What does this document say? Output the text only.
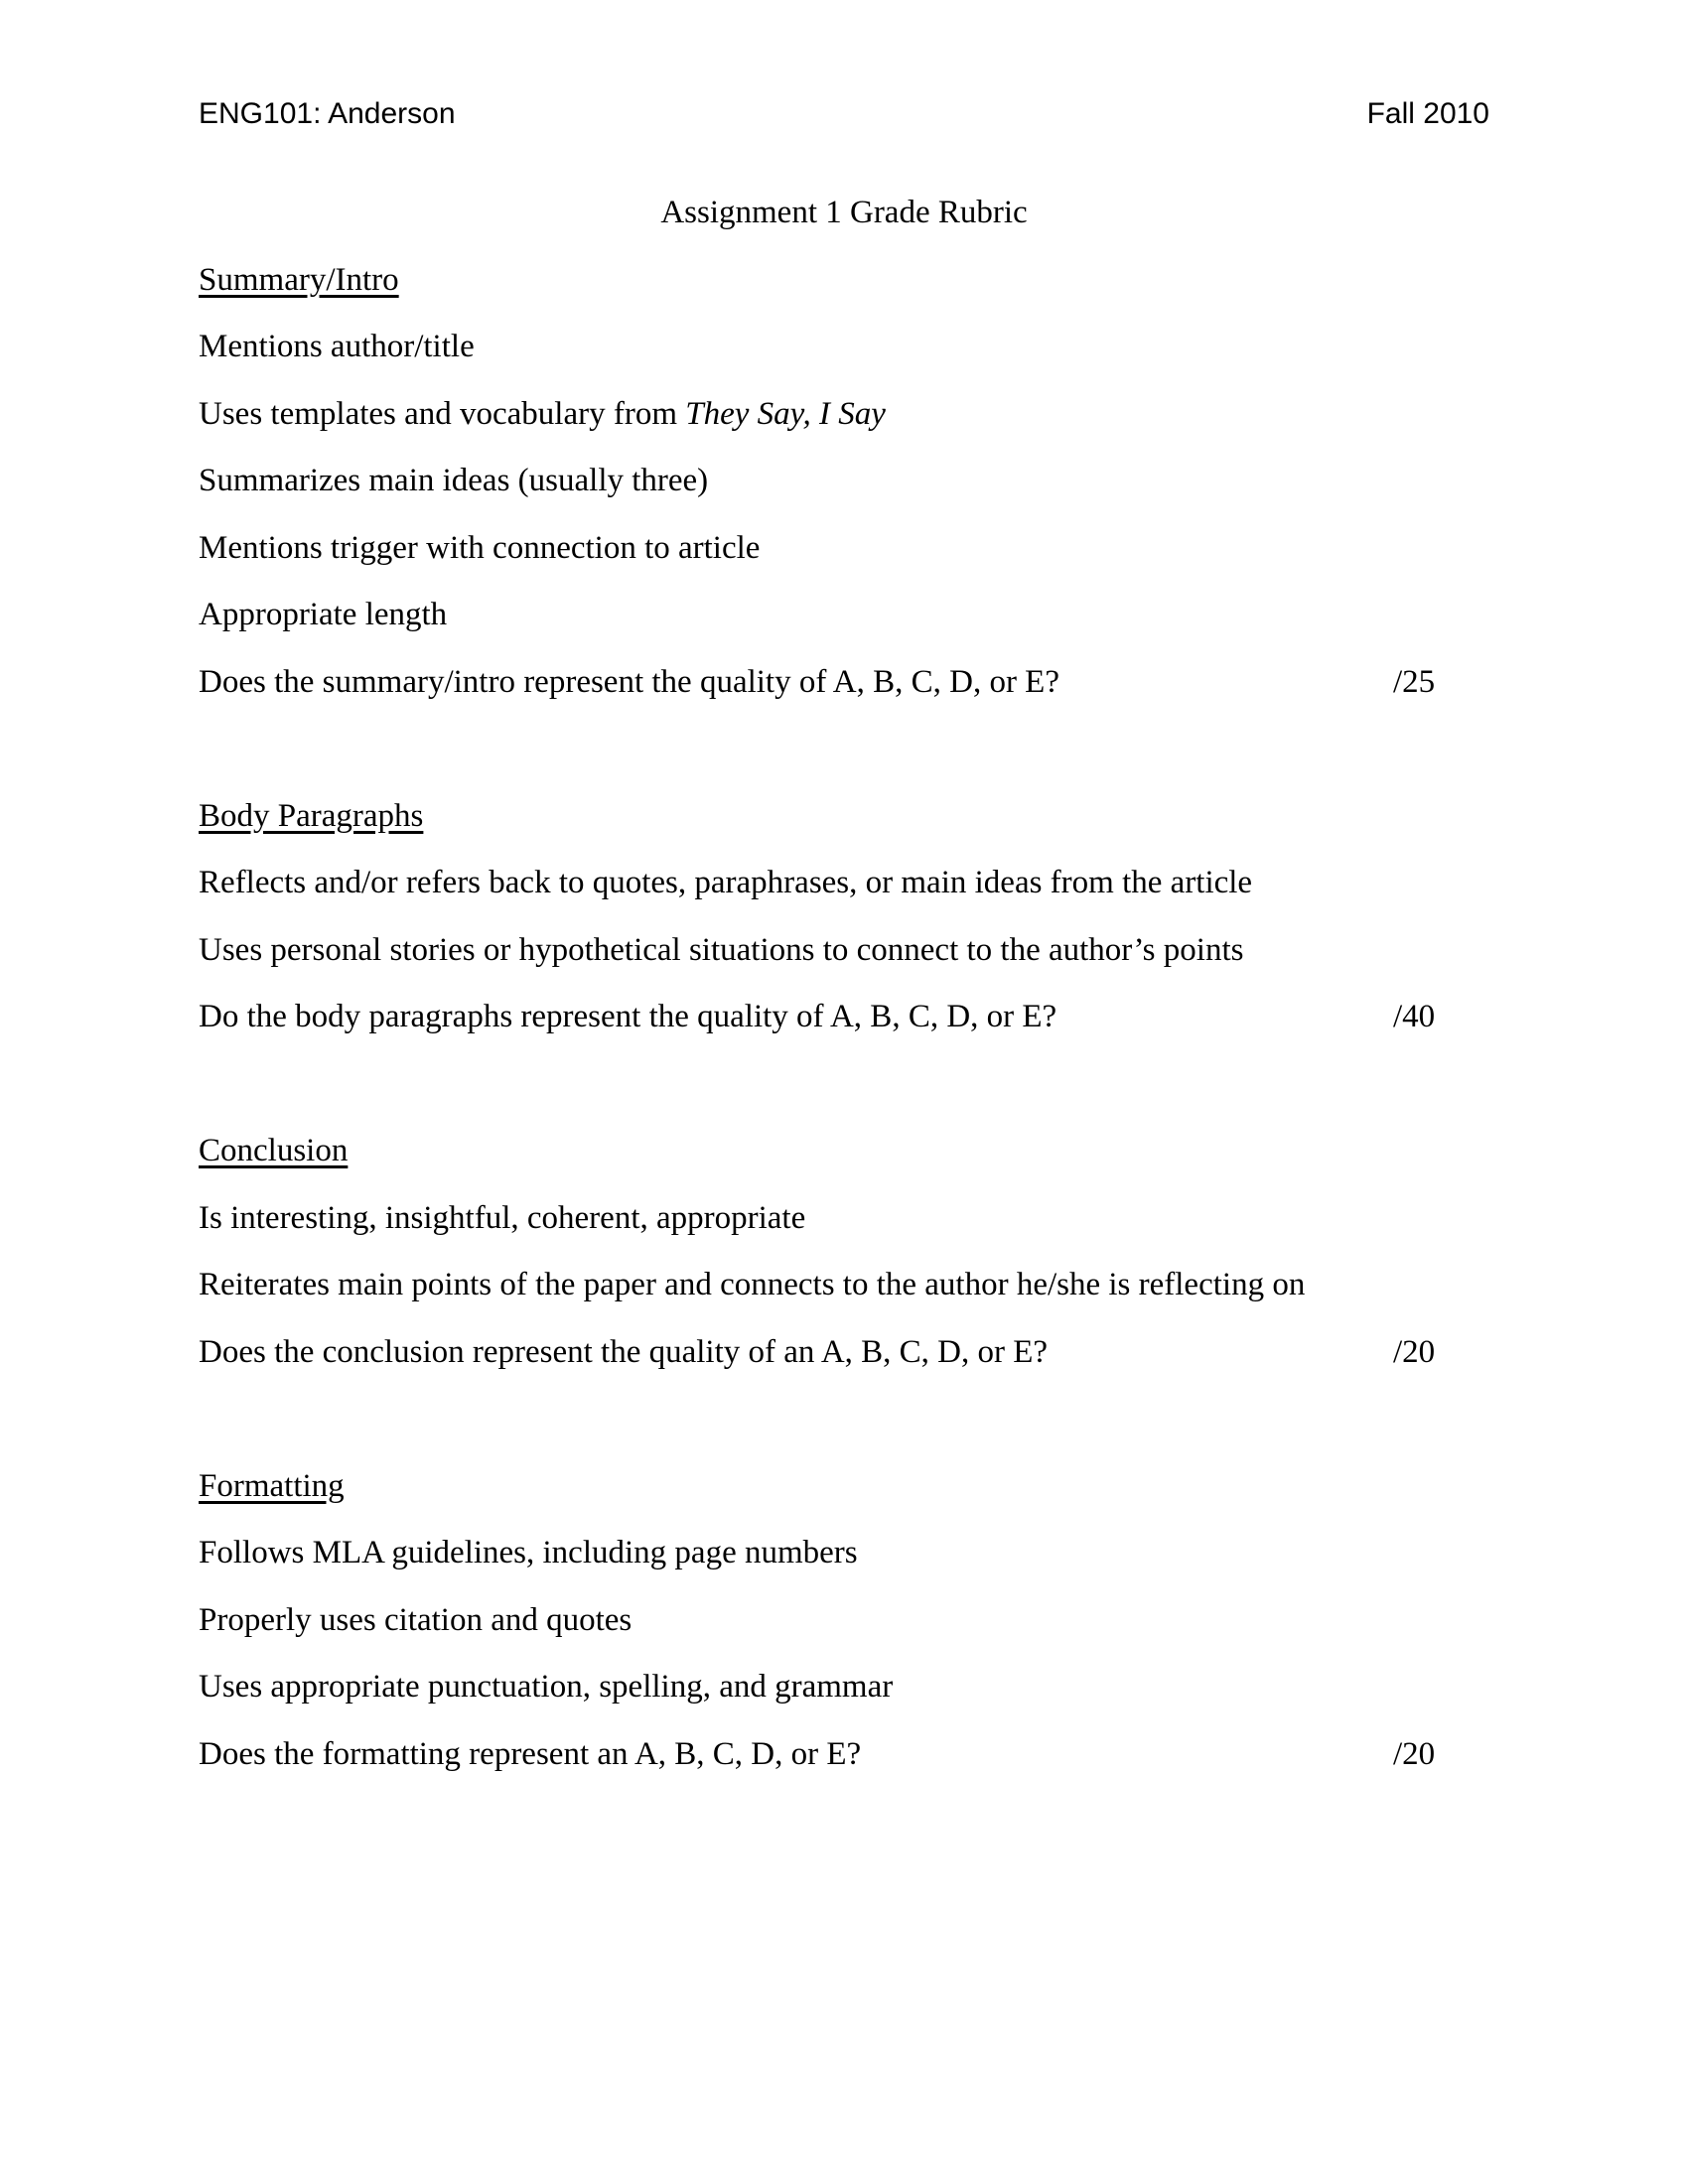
ENG101: Anderson	Fall 2010
Assignment 1 Grade Rubric
Summary/Intro
Mentions author/title
Uses templates and vocabulary from They Say, I Say
Summarizes main ideas (usually three)
Mentions trigger with connection to article
Appropriate length
Does the summary/intro represent the quality of A, B, C, D, or E?	/25
Body Paragraphs
Reflects and/or refers back to quotes, paraphrases, or main ideas from the article
Uses personal stories or hypothetical situations to connect to the author’s points
Do the body paragraphs represent the quality of A, B, C, D, or E?	/40
Conclusion
Is interesting, insightful, coherent, appropriate
Reiterates main points of the paper and connects to the author he/she is reflecting on
Does the conclusion represent the quality of an A, B, C, D, or E?	/20
Formatting
Follows MLA guidelines, including page numbers
Properly uses citation and quotes
Uses appropriate punctuation, spelling, and grammar
Does the formatting represent an A, B, C, D, or E?	/20
